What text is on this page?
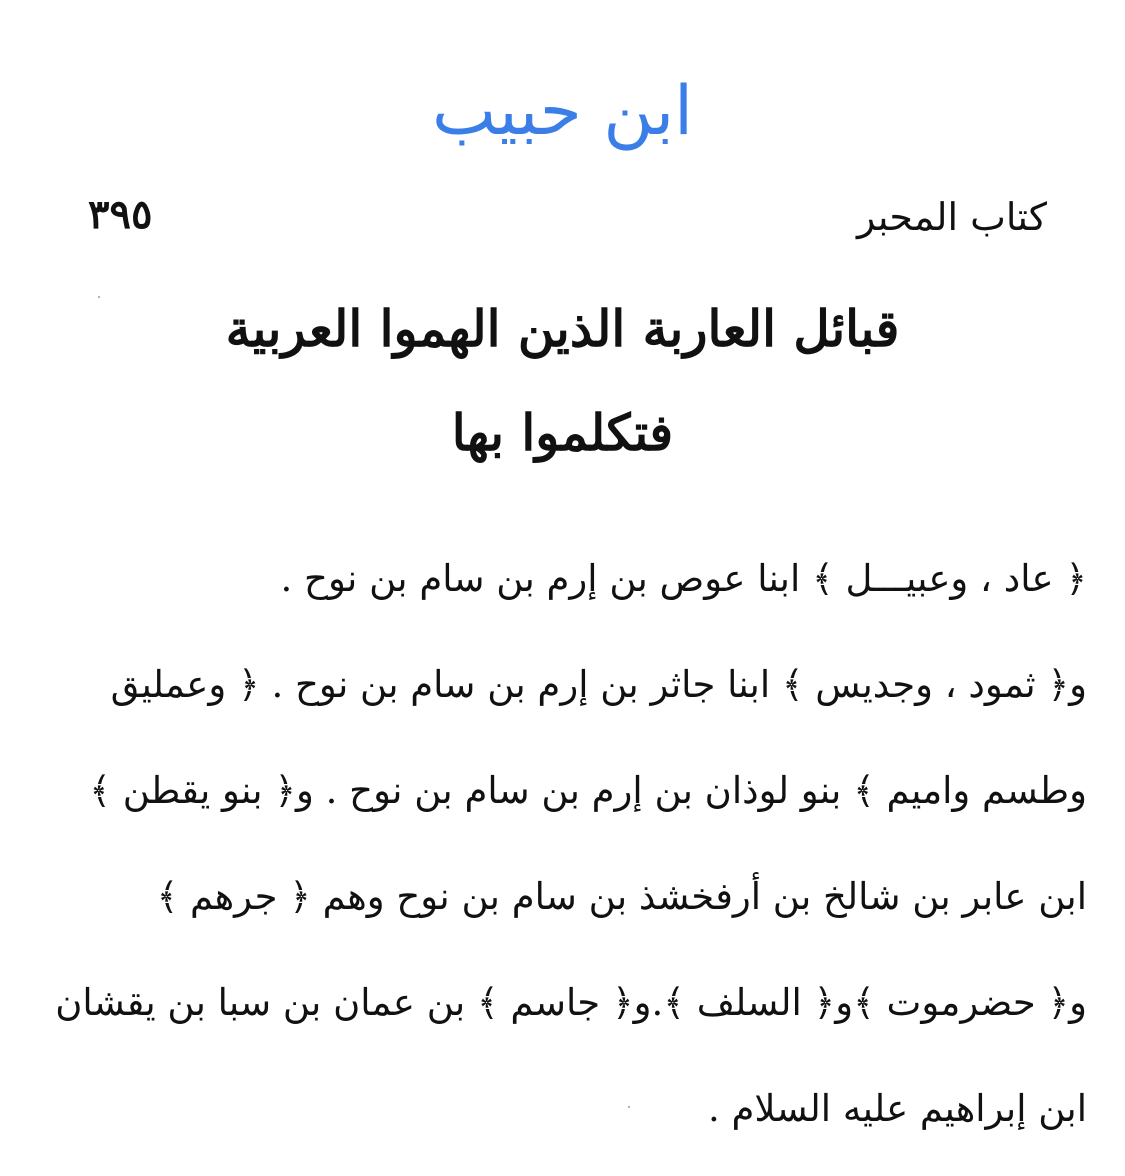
ابن حبيب
كتاب المحبر
٣٩٥
قبائل العاربة الذين الهموا العربية
فتكلموا بها
﴿ عاد ، وعبيـــل ﴾ ابنا عوص بن إرم بن سام بن نوح .
و﴿ ثمود ، وجديس ﴾ ابنا جاثر بن إرم بن سام بن نوح . ﴿ وعمليق
وطسم واميم ﴾ بنو لوذان بن إرم بن سام بن نوح . و﴿ بنو يقطن ﴾
ابن عابر بن شالخ بن أرفخشذ بن سام بن نوح وهم ﴿ جرهم ﴾
و﴿ حضرموت ﴾و﴿ السلف ﴾.و﴿ جاسم ﴾ بن عمان بن سبا بن يقشان
ابن إبراهيم عليه السلام .
